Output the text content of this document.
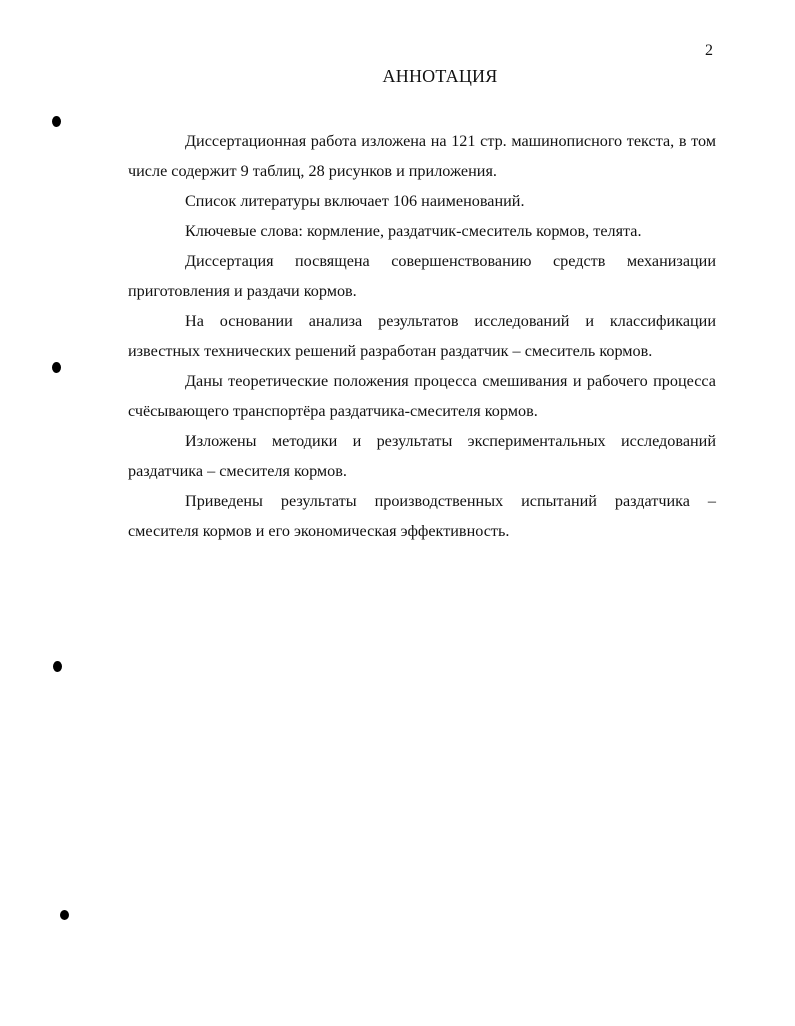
2
АННОТАЦИЯ

Диссертационная работа изложена на 121 стр. машинописного текста, в том числе содержит 9 таблиц, 28 рисунков и приложения.

Список литературы включает 106 наименований.

Ключевые слова: кормление, раздатчик-смеситель кормов, телята.

Диссертация посвящена совершенствованию средств механизации приготовления и раздачи кормов.

На основании анализа результатов исследований и классификации известных технических решений разработан раздатчик – смеситель кормов.

Даны теоретические положения процесса смешивания и рабочего процесса счёсывающего транспортёра раздатчика-смесителя кормов.

Изложены методики и результаты экспериментальных исследований раздатчика – смесителя кормов.

Приведены результаты производственных испытаний раздатчика – смесителя кормов и его экономическая эффективность.
